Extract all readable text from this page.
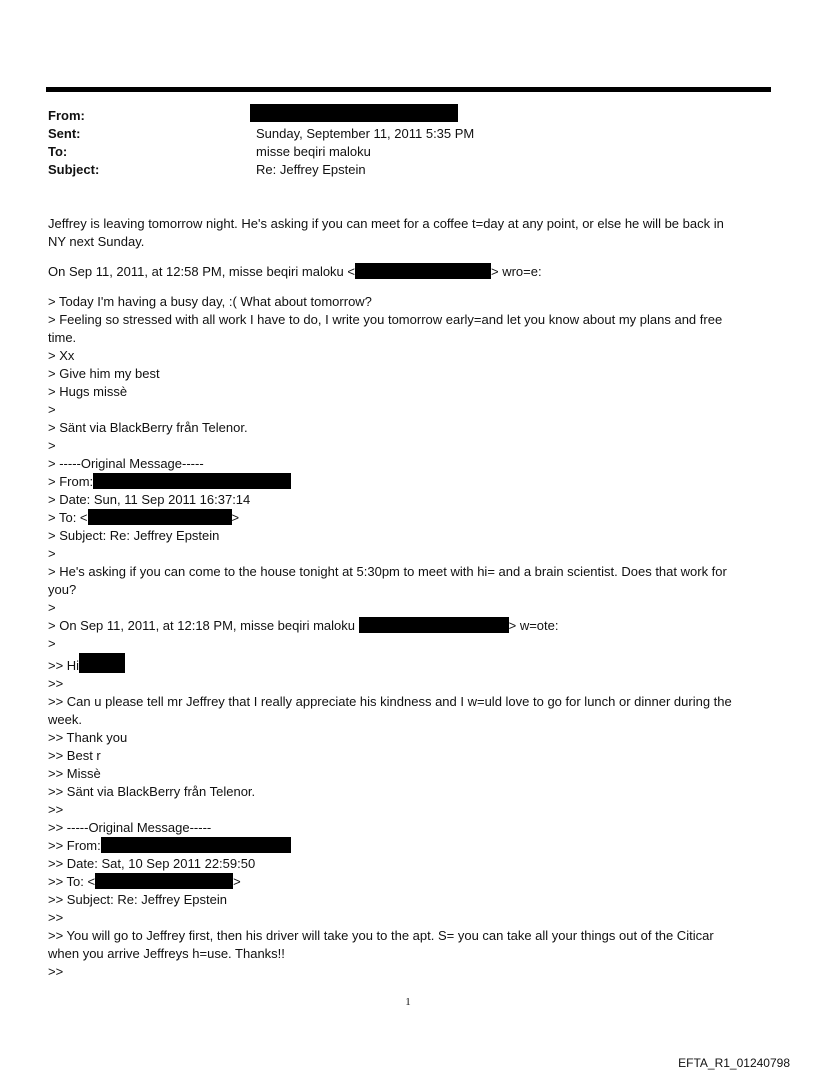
From:
Sent:	Sunday, September 11, 2011 5:35 PM
To:	misse beqiri maloku
Subject:	Re: Jeffrey Epstein

Jeffrey is leaving tomorrow night. He's asking if you can meet for a coffee t=day at any point, or else he will be back in

NY next Sunday.

On Sep 11, 2011, at 12:58 PM, misse beqiri maloku <	> wro=e:

> Today I'm having a busy day, :( What about tomorrow?

> Feeling so stressed with all work I have to do, I write you tomorrow early=and let you know about my plans and free

time.

> Xx

> Give him my best

> Hugs missè

>

> Sänt via BlackBerry från Telenor.

>

> -----Original Message-----

> From:

> Date: Sun, 11 Sep 2011 16:37:14

> To: <	>

> Subject: Re: Jeffrey Epstein

>

> He's asking if you can come to the house tonight at 5:30pm to meet with hi= and a brain scientist. Does that work for

you?

>

> On Sep 11, 2011, at 12:18 PM, misse beqiri maloku	> w=ote:

>

>> Hi

>>

>> Can u please tell mr Jeffrey that I really appreciate his kindness and I w=uld love to go for lunch or dinner during the

week.

>> Thank you

>> Best r

>> Missè

>> Sänt via BlackBerry från Telenor.

>>

>> -----Original Message-----

>> From:

>> Date: Sat, 10 Sep 2011 22:59:50

>> To: <	>

>> Subject: Re: Jeffrey Epstein

>>

>> You will go to Jeffrey first, then his driver will take you to the apt. S= you can take all your things out of the Citicar

when you arrive Jeffreys h=use. Thanks!!

>>

1
EFTA_R1_01240798
